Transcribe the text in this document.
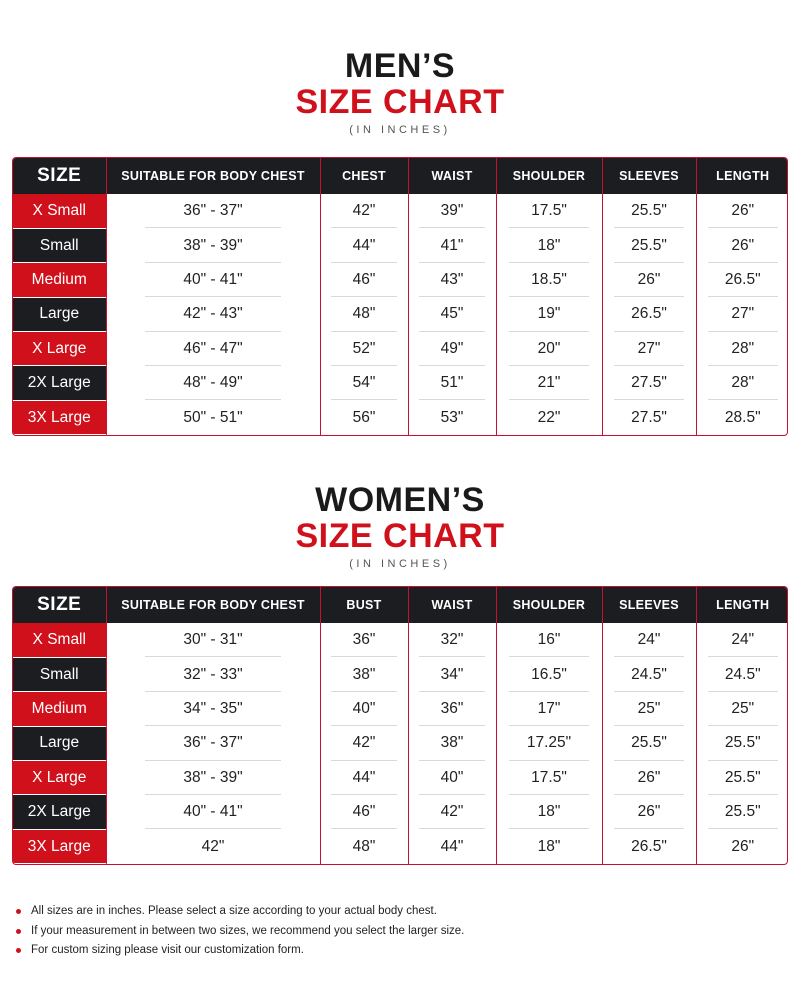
MEN’S
SIZE CHART
(IN INCHES)
SIZE	SUITABLE FOR BODY CHEST	CHEST	WAIST	SHOULDER	SLEEVES	LENGTH
X Small	36" - 37"	42"	39"	17.5"	25.5"	26"

Small	38" - 39"	44"	41"	18"	25.5"	26"

Medium	40" - 41"	46"	43"	18.5"	26"	26.5"

Large	42" - 43"	48"	45"	19"	26.5"	27"

X Large	46" - 47"	52"	49"	20"	27"	28"

2X Large	48" - 49"	54"	51"	21"	27.5"	28"

3X Large	50" - 51"	56"	53"	22"	27.5"	28.5"
WOMEN’S
SIZE CHART
(IN INCHES)
SIZE	SUITABLE FOR BODY CHEST	BUST	WAIST	SHOULDER	SLEEVES	LENGTH
X Small	30" - 31"	36"	32"	16"	24"	24"

Small	32" - 33"	38"	34"	16.5"	24.5"	24.5"

Medium	34" - 35"	40"	36"	17"	25"	25"

Large	36" - 37"	42"	38"	17.25"	25.5"	25.5"

X Large	38" - 39"	44"	40"	17.5"	26"	25.5"

2X Large	40" - 41"	46"	42"	18"	26"	25.5"

3X Large	42"	48"	44"	18"	26.5"	26"
All sizes are in inches. Please select a size according to your actual body chest.
If your measurement in between two sizes, we recommend you select the larger size.
For custom sizing please visit our customization form.
